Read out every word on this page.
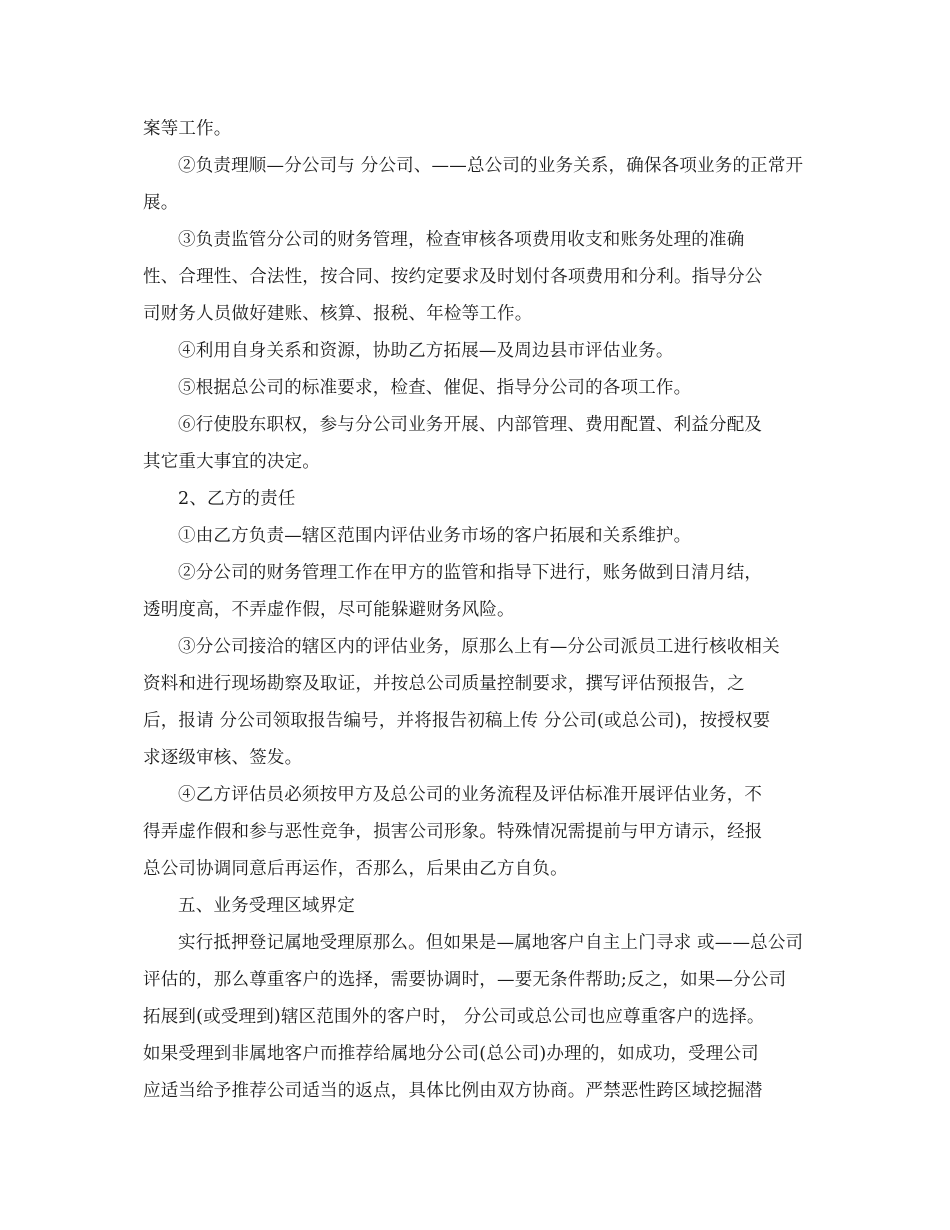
案等工作。
②负责理顺—分公司与 分公司、——总公司的业务关系，确保各项业务的正常开
展。
③负责监管分公司的财务管理，检查审核各项费用收支和账务处理的准确
性、合理性、合法性，按合同、按约定要求及时划付各项费用和分利。指导分公
司财务人员做好建账、核算、报税、年检等工作。
④利用自身关系和资源，协助乙方拓展—及周边县市评估业务。
⑤根据总公司的标准要求，检查、催促、指导分公司的各项工作。
⑥行使股东职权，参与分公司业务开展、内部管理、费用配置、利益分配及
其它重大事宜的决定。
2、乙方的责任
①由乙方负责—辖区范围内评估业务市场的客户拓展和关系维护。
②分公司的财务管理工作在甲方的监管和指导下进行，账务做到日清月结，
透明度高，不弄虚作假，尽可能躲避财务风险。
③分公司接洽的辖区内的评估业务，原那么上有—分公司派员工进行核收相关
资料和进行现场勘察及取证，并按总公司质量控制要求，撰写评估预报告，之
后，报请 分公司领取报告编号，并将报告初稿上传 分公司(或总公司)，按授权要
求逐级审核、签发。
④乙方评估员必须按甲方及总公司的业务流程及评估标准开展评估业务，不
得弄虚作假和参与恶性竞争，损害公司形象。特殊情况需提前与甲方请示，经报
总公司协调同意后再运作，否那么，后果由乙方自负。
五、业务受理区域界定
实行抵押登记属地受理原那么。但如果是—属地客户自主上门寻求 或——总公司
评估的，那么尊重客户的选择，需要协调时，—要无条件帮助;反之，如果—分公司
拓展到(或受理到)辖区范围外的客户时， 分公司或总公司也应尊重客户的选择。
如果受理到非属地客户而推荐给属地分公司(总公司)办理的，如成功，受理公司
应适当给予推荐公司适当的返点，具体比例由双方协商。严禁恶性跨区域挖掘潜
